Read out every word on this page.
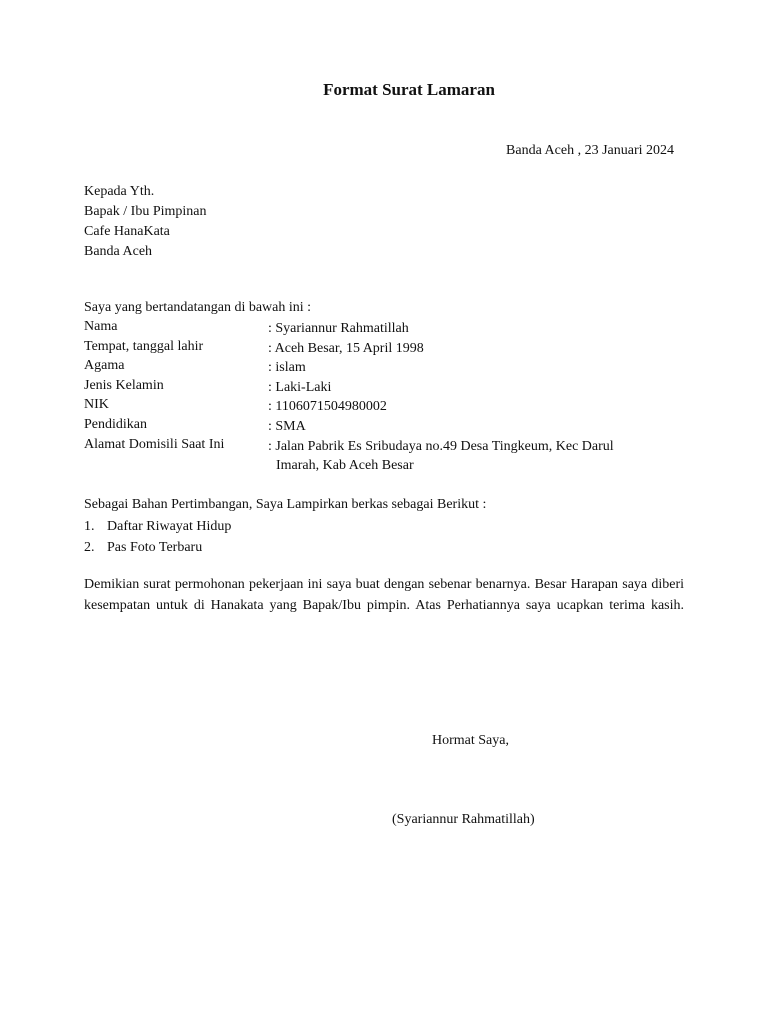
Format Surat Lamaran
Banda Aceh , 23 Januari 2024
Kepada Yth.
Bapak / Ibu Pimpinan
Cafe HanaKata
Banda Aceh
Saya yang bertandatangan di bawah ini :
Nama	: Syariannur Rahmatillah
Tempat, tanggal lahir	: Aceh Besar, 15 April 1998
Agama	: islam
Jenis Kelamin	: Laki-Laki
NIK	: 1106071504980002
Pendidikan	: SMA
Alamat Domisili Saat Ini	: Jalan Pabrik Es Sribudaya no.49 Desa Tingkeum, Kec Darul
Imarah, Kab Aceh Besar
Sebagai Bahan Pertimbangan, Saya Lampirkan berkas sebagai Berikut :
1. Daftar Riwayat Hidup
2. Pas Foto Terbaru
Demikian surat permohonan pekerjaan ini saya buat dengan sebenar benarnya. Besar Harapan saya diberi kesempatan untuk di Hanakata yang Bapak/Ibu pimpin. Atas Perhatiannya saya ucapkan terima kasih.
Hormat Saya,
(Syariannur Rahmatillah)
